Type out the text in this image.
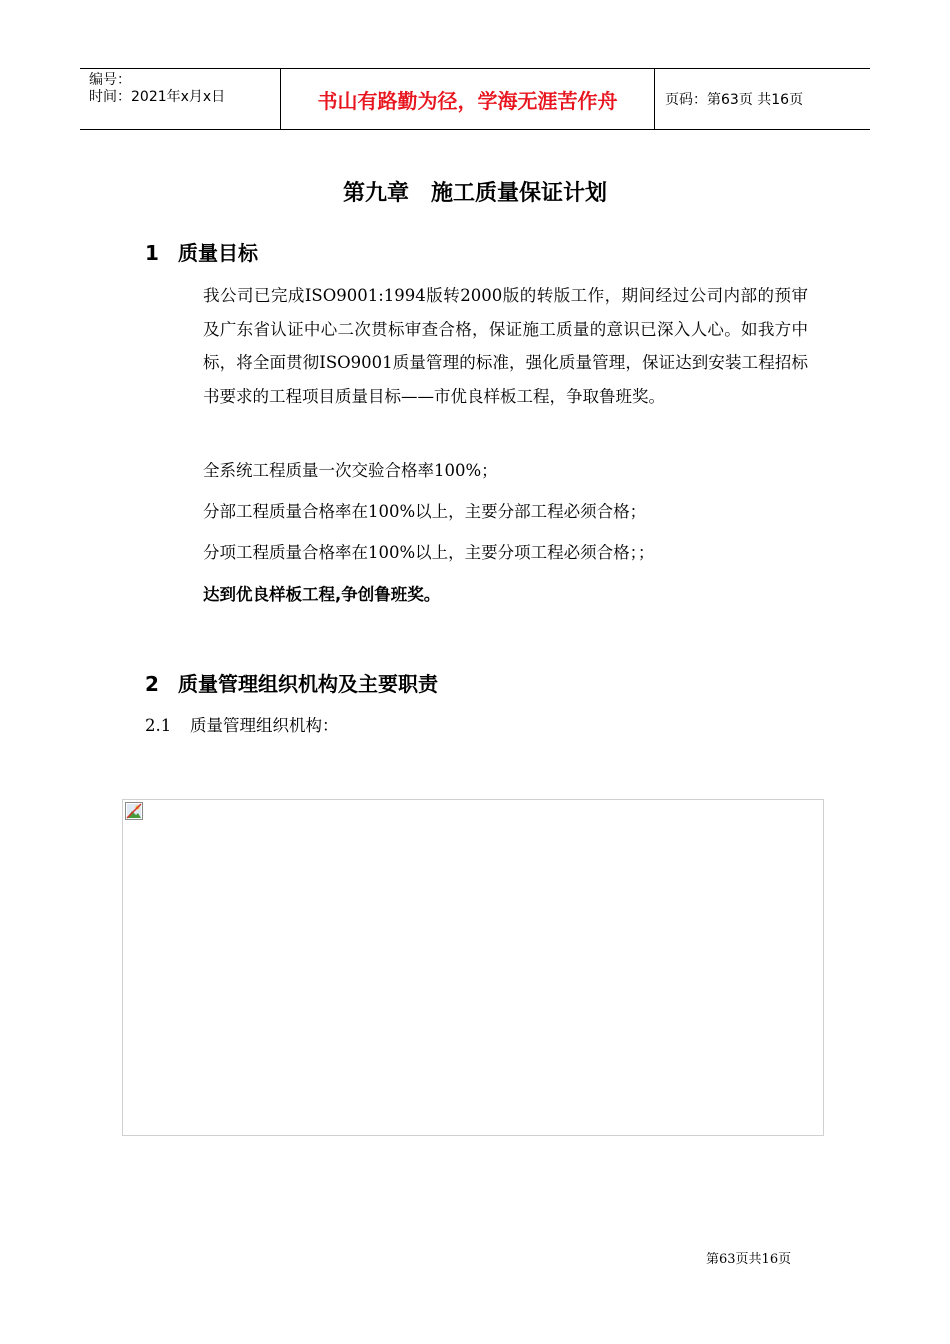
编号：
时间：2021年x月x日	书山有路勤为径，学海无涯苦作舟	页码：第63页 共16页
第九章　施工质量保证计划
1 质量目标
我公司已完成ISO9001:1994版转2000版的转版工作，期间经过公司内部的预审及广东省认证中心二次贯标审查合格，保证施工质量的意识已深入人心。如我方中标，将全面贯彻ISO9001质量管理的标准，强化质量管理，保证达到安装工程招标书要求的工程项目质量目标——市优良样板工程，争取鲁班奖。
全系统工程质量一次交验合格率100%；
分部工程质量合格率在100%以上，主要分部工程必须合格；
分项工程质量合格率在100%以上，主要分项工程必须合格；；
达到优良样板工程,争创鲁班奖。
2 质量管理组织机构及主要职责
2.1 质量管理组织机构：
第63页共16页
